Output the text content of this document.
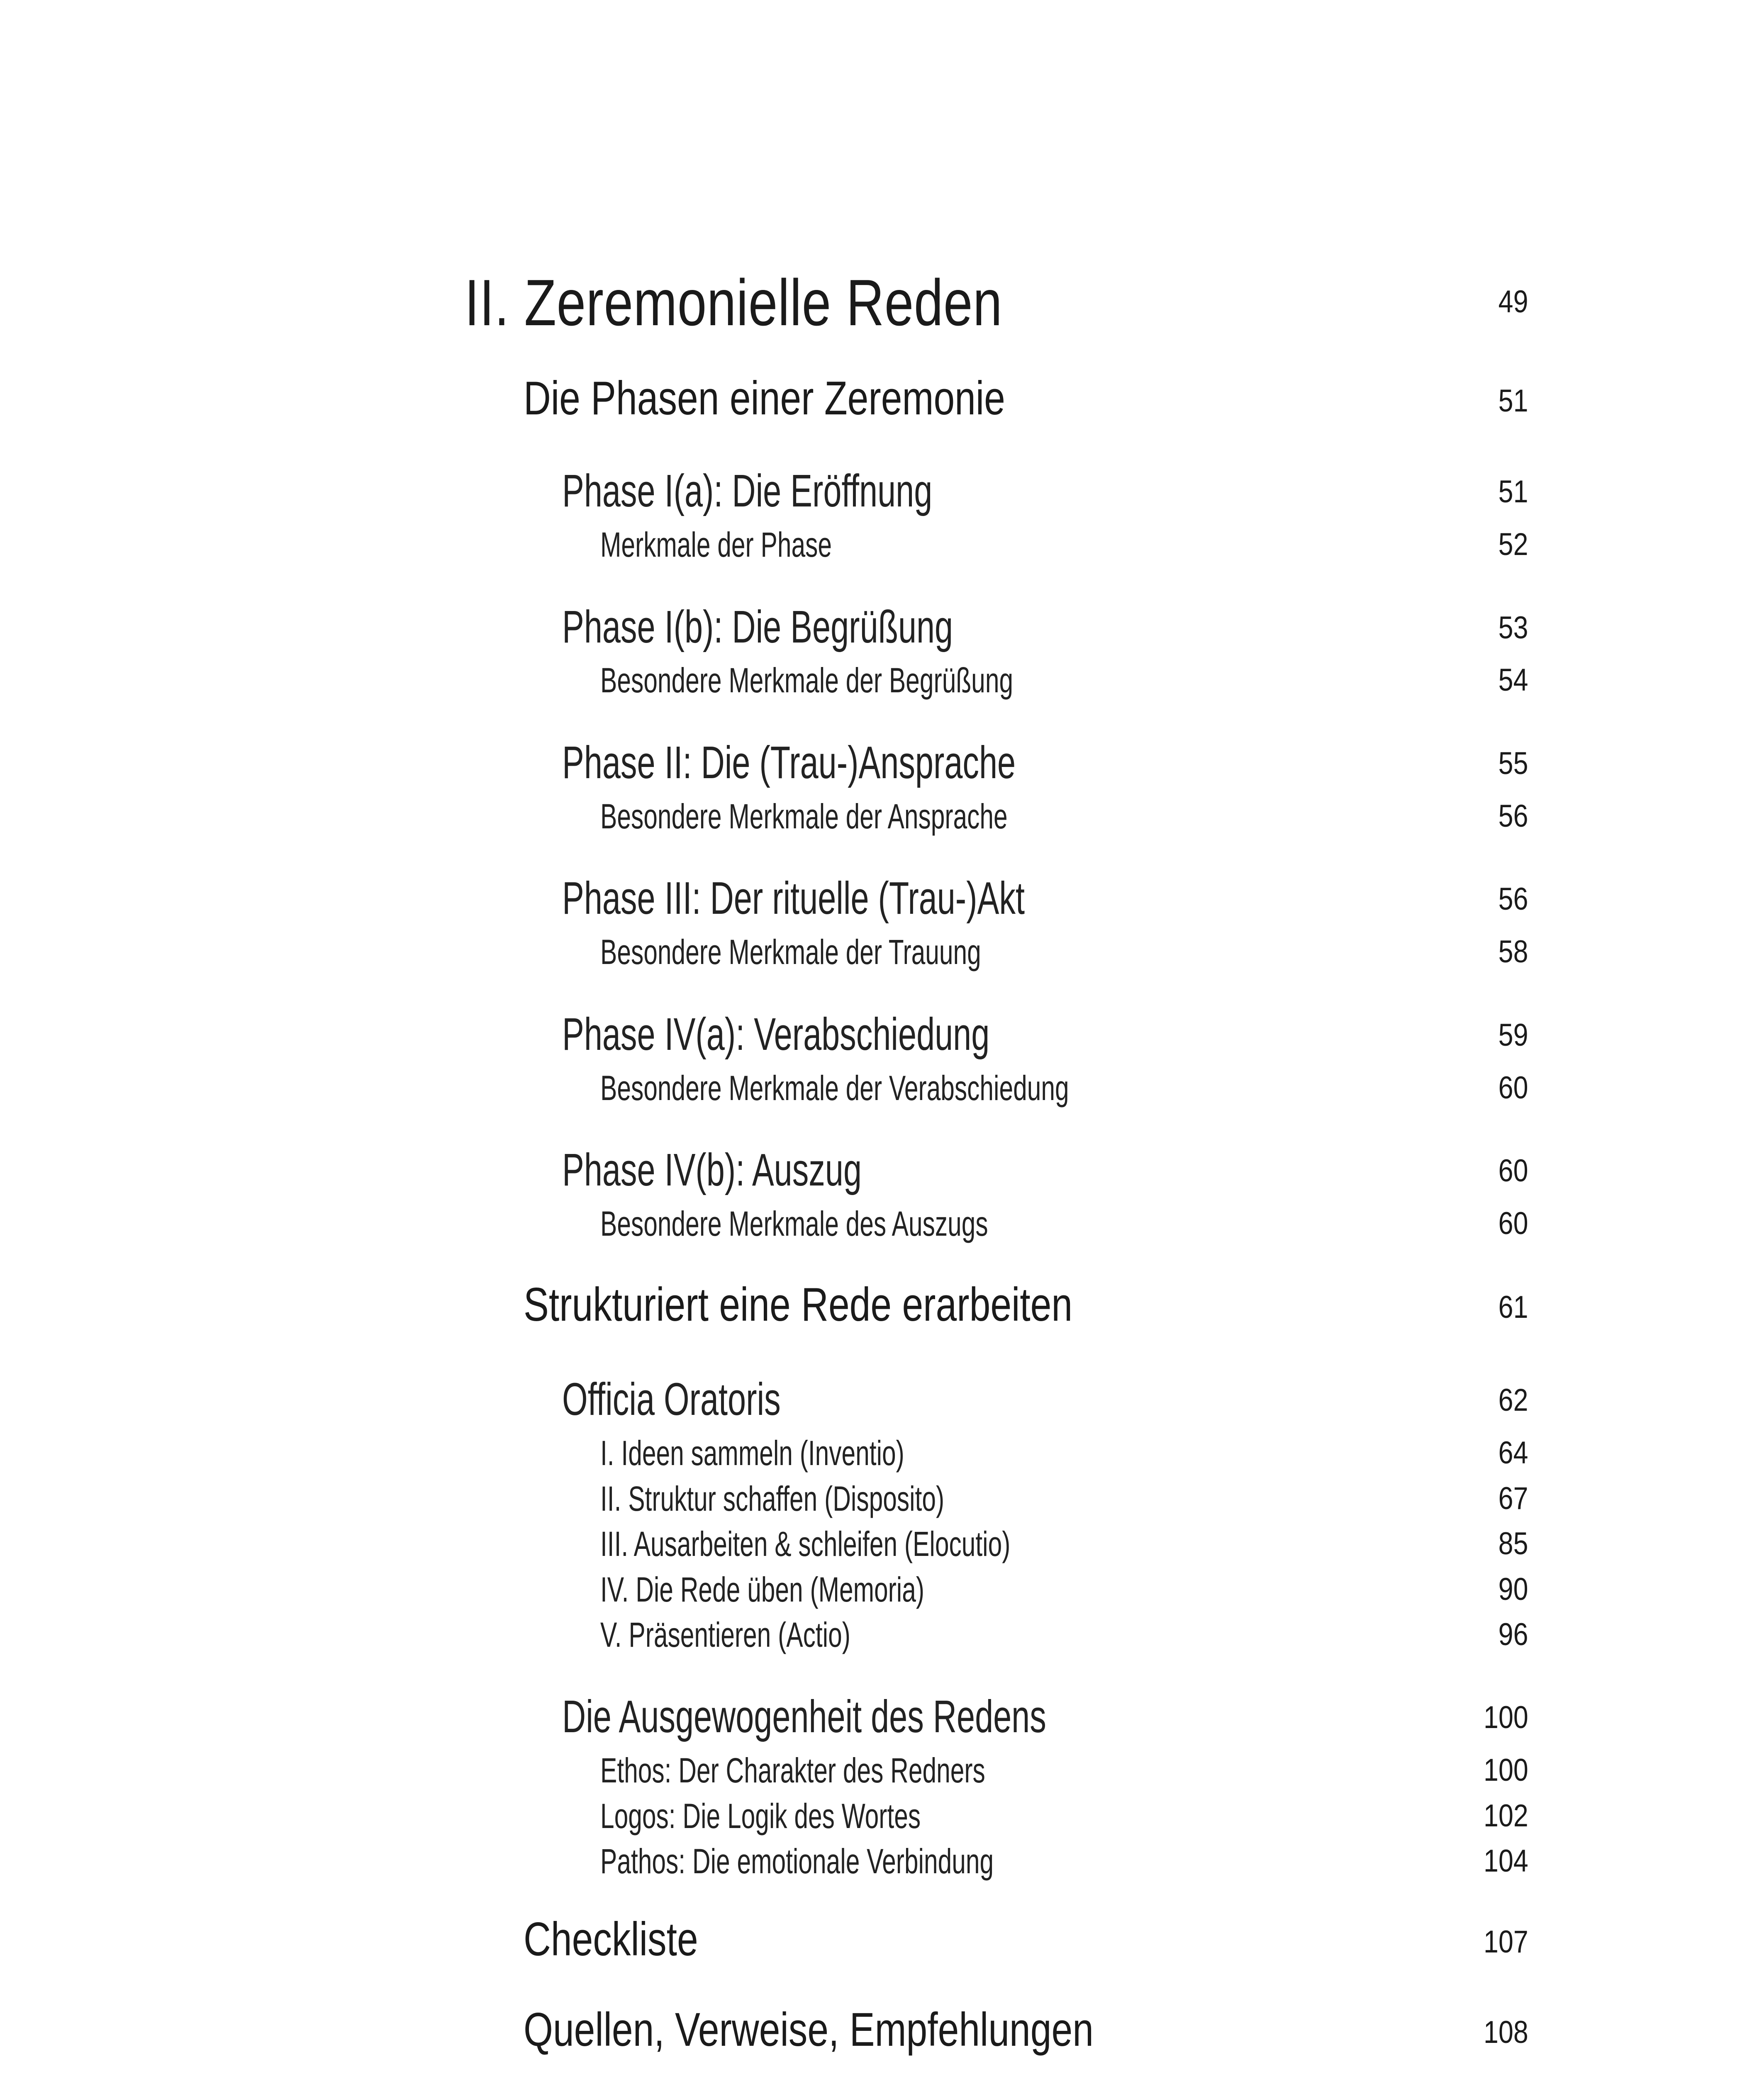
II. Zeremonielle Reden	49
Die Phasen einer Zeremonie	51
Phase I(a): Die Eröffnung	51
Merkmale der Phase	52
Phase I(b): Die Begrüßung	53
Besondere Merkmale der Begrüßung	54
Phase II: Die (Trau-)Ansprache	55
Besondere Merkmale der Ansprache	56
Phase III: Der rituelle (Trau-)Akt	56
Besondere Merkmale der Trauung	58
Phase IV(a): Verabschiedung	59
Besondere Merkmale der Verabschiedung	60
Phase IV(b): Auszug	60
Besondere Merkmale des Auszugs	60
Strukturiert eine Rede erarbeiten	61
Officia Oratoris	62
I. Ideen sammeln (Inventio)	64
II. Struktur schaffen (Disposito)	67
III. Ausarbeiten & schleifen (Elocutio)	85
IV. Die Rede üben (Memoria)	90
V. Präsentieren (Actio)	96
Die Ausgewogenheit des Redens	100
Ethos: Der Charakter des Redners	100
Logos: Die Logik des Wortes	102
Pathos: Die emotionale Verbindung	104
Checkliste	107
Quellen, Verweise, Empfehlungen	108
